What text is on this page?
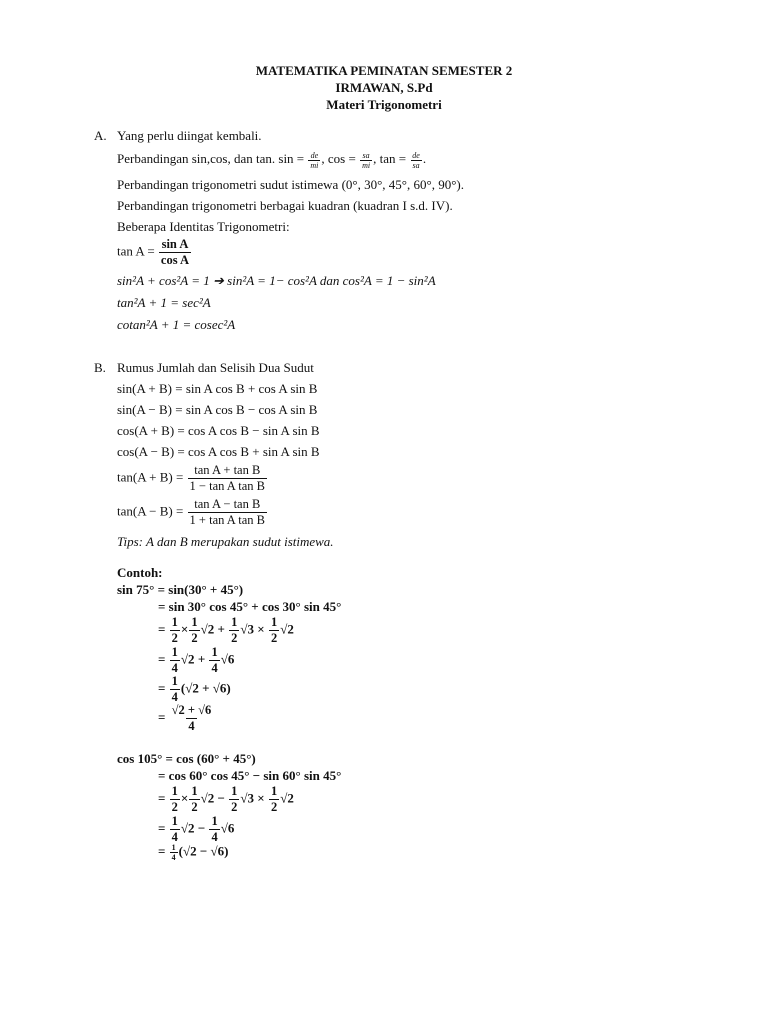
MATEMATIKA PEMINATAN SEMESTER 2
IRMAWAN, S.Pd
Materi Trigonometri
A. Yang perlu diingat kembali.
Perbandingan sin,cos, dan tan. $\sin = \frac{de}{mi}$ , $\cos = \frac{sa}{mi}$ , $\tan = \frac{de}{sa}$ .
Perbandingan trigonometri sudut istimewa (0°, 30°, 45°, 60°, 90°).
Perbandingan trigonometri berbagai kuadran (kuadran I s.d. IV).
Beberapa Identitas Trigonometri:
$\tan A = \frac{\text{sin A}}{\text{cos A}}$
sin²A + cos²A = 1 ➔ sin²A = 1− cos²A dan cos²A = 1 − sin²A
tan²A + 1 = sec²A
cotan²A + 1 = cosec²A
B. Rumus Jumlah dan Selisih Dua Sudut
sin(A + B) = sin A cos B + cos A sin B
sin(A − B) = sin A cos B − cos A sin B
cos(A + B) = cos A cos B − sin A sin B
cos(A − B) = cos A cos B + sin A sin B
$\tan(A + B) = \frac{\text{tan A + tan B}}{\text{1 − tan A tan B}}$
$\tan(A - B) = \frac{\text{tan A − tan B}}{\text{1 + tan A tan B}}$
Tips: A dan B merupakan sudut istimewa.
Contoh:
sin 75° = sin(30° + 45°)
= sin 30° cos 45° + cos 30° sin 45°
= $\frac{1}{2} \times \frac{1}{2} √2 + \frac{1}{2} √3 \times \frac{1}{2} √2$
= $\frac{1}{4} √2 + \frac{1}{4} √6$
= $\frac{1}{4} (√2 + √6)$
= $\frac{√2 + √6}{4}$
cos 105° = cos (60° + 45°)
= cos 60° cos 45° − sin 60° sin 45°
= $\frac{1}{2} \times \frac{1}{2} √2 - \frac{1}{2} √3 \times \frac{1}{2} √2$
= $\frac{1}{4} √2 - \frac{1}{4} √6$
= $\frac{1}{4} (√2 - √6)$
